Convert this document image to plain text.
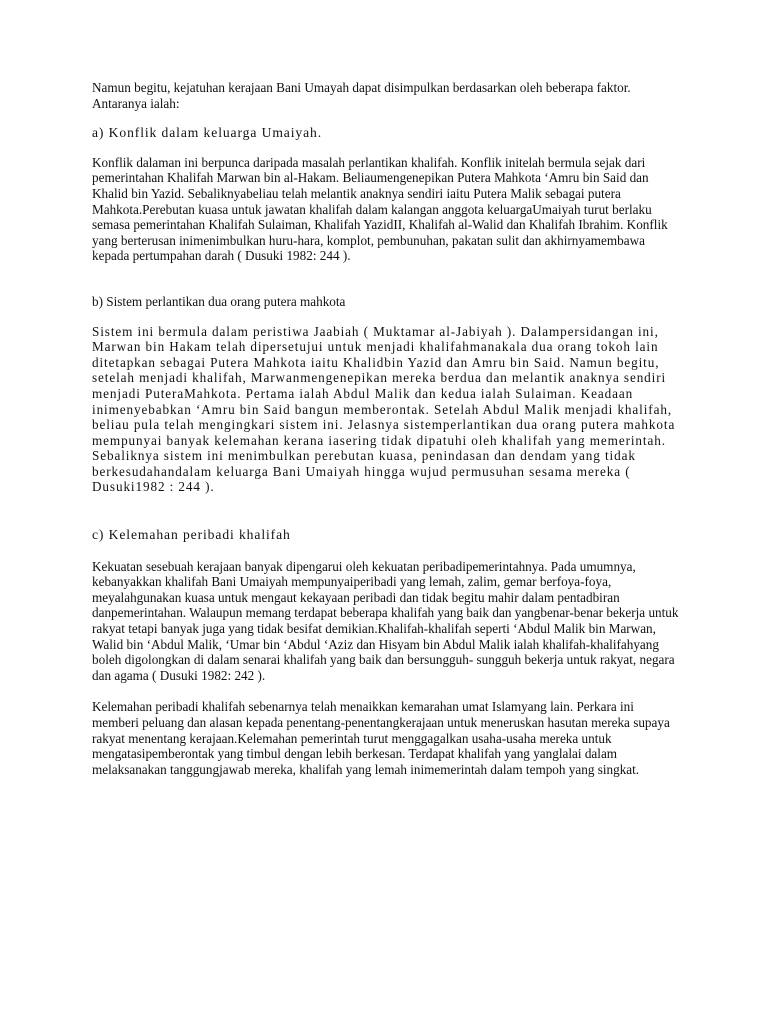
Namun begitu, kejatuhan kerajaan Bani Umayah dapat disimpulkan berdasarkan oleh beberapa faktor. Antaranya ialah:

a) Konflik dalam keluarga Umaiyah.

Konflik dalaman ini berpunca daripada masalah perlantikan khalifah. Konflik initelah bermula sejak dari pemerintahan Khalifah Marwan bin al-Hakam. Beliaumengenepikan Putera Mahkota ‘Amru bin Said dan Khalid bin Yazid. Sebaliknyabeliau telah melantik anaknya sendiri iaitu Putera Malik sebagai putera Mahkota.Perebutan kuasa untuk jawatan khalifah dalam kalangan anggota keluargaUmaiyah turut berlaku semasa pemerintahan Khalifah Sulaiman, Khalifah YazidII, Khalifah al-Walid dan Khalifah Ibrahim. Konflik yang berterusan inimenimbulkan huru-hara, komplot, pembunuhan, pakatan sulit dan akhirnyamembawa kepada pertumpahan darah ( Dusuki 1982: 244 ).

b) Sistem perlantikan dua orang putera mahkota

Sistem ini bermula dalam peristiwa Jaabiah ( Muktamar al-Jabiyah ). Dalampersidangan ini, Marwan bin Hakam telah dipersetujui untuk menjadi khalifahmanakala dua orang tokoh lain ditetapkan sebagai Putera Mahkota iaitu Khalidbin Yazid dan Amru bin Said. Namun begitu, setelah menjadi khalifah, Marwanmengenepikan mereka berdua dan melantik anaknya sendiri menjadi PuteraMahkota. Pertama ialah Abdul Malik dan kedua ialah Sulaiman. Keadaan inimenyebabkan ‘Amru bin Said bangun memberontak. Setelah Abdul Malik menjadi khalifah, beliau pula telah mengingkari sistem ini. Jelasnya sistemperlantikan dua orang putera mahkota mempunyai banyak kelemahan kerana iasering tidak dipatuhi oleh khalifah yang memerintah. Sebaliknya sistem ini menimbulkan perebutan kuasa, penindasan dan dendam yang tidak berkesudahandalam keluarga Bani Umaiyah hingga wujud permusuhan sesama mereka ( Dusuki1982 : 244 ).

c) Kelemahan peribadi khalifah

Kekuatan sesebuah kerajaan banyak dipengarui oleh kekuatan peribadipemerintahnya. Pada umumnya, kebanyakkan khalifah Bani Umaiyah mempunyaiperibadi yang lemah, zalim, gemar berfoya-foya, meyalahgunakan kuasa untuk mengaut kekayaan peribadi dan tidak begitu mahir dalam pentadbiran danpemerintahan. Walaupun memang terdapat beberapa khalifah yang baik dan yangbenar-benar bekerja untuk rakyat tetapi banyak juga yang tidak besifat demikian.Khalifah-khalifah seperti ‘Abdul Malik bin Marwan, Walid bin ‘Abdul Malik, ‘Umar bin ‘Abdul ‘Aziz dan Hisyam bin Abdul Malik ialah khalifah-khalifahyang boleh digolongkan di dalam senarai khalifah yang baik dan bersungguh- sungguh bekerja untuk rakyat, negara dan agama ( Dusuki 1982: 242 ).

Kelemahan peribadi khalifah sebenarnya telah menaikkan kemarahan umat Islamyang lain. Perkara ini memberi peluang dan alasan kepada penentang-penentangkerajaan untuk meneruskan hasutan mereka supaya rakyat menentang kerajaan.Kelemahan pemerintah turut menggagalkan usaha-usaha mereka untuk mengatasipemberontak yang timbul dengan lebih berkesan. Terdapat khalifah yang yanglalai dalam melaksanakan tanggungjawab mereka, khalifah yang lemah inimemerintah dalam tempoh yang singkat.
